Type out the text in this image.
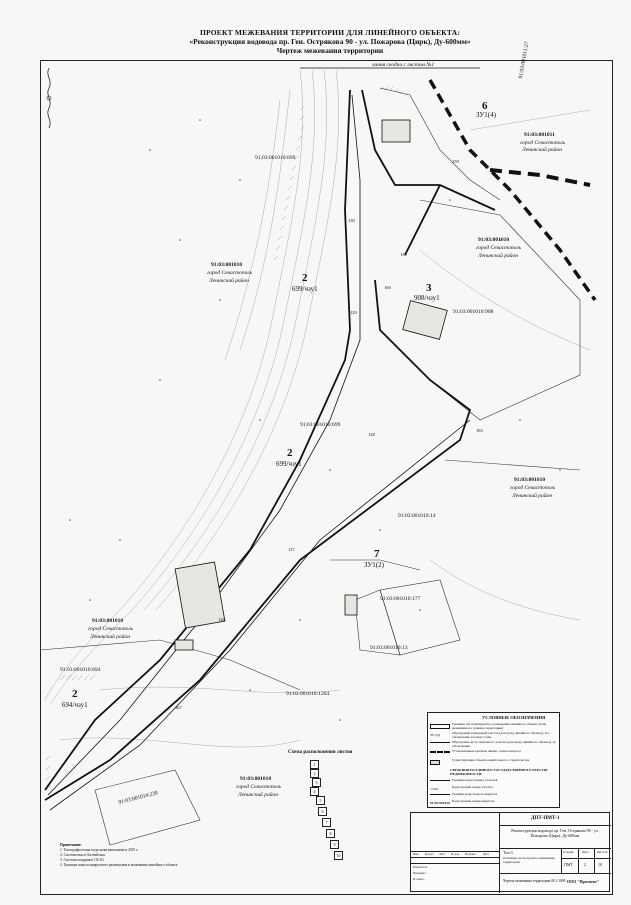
ПРОЕКТ МЕЖЕВАНИЯ ТЕРРИТОРИИ ДЛЯ ЛИНЕЙНОГО ОБЪЕКТА:
«Реконструкция водовода пр. Ген. Острякова 90 - ул. Пожарова (Цирк), Ду-600мм»
Чертеж межевания территории
линия сводки с листом №1	91:03:001011:27
6
ЗУ1(4)
91:03:001011
город Севастополь
Ленинский район
91:03:001010:699
130
259
91:03:001010
город Севастополь
Ленинский район
91:03:001010
город Севастополь
Ленинский район	2
699/чзу1	160
139
3
908/чзу1
91:03:001010:908
129
91:03:001010:699
128
183
2
699/чзу1
91:03:001010
город Севастополь
Ленинский район
91:03:001010:14
137	7
ЗУ1(2)
91:03:001010:177
126
91:03:001010
город Севастополь
Ленинский район
91:03:001010:13
91:03:001010:694
91:03:001010:1264
2
694/чзу1	167
91:03:001010
город Севастополь
Ленинский район
91:03:001010:238
Схема расположения листов
1
2
3
4
5
6
7
8
9
10
УСЛОВНЫЕ ОБОЗНАЧЕНИЯ
Границы зон планируемого размещения линейного объекта (зона межевания по границе территории)
ЗУ1(4)	Образуемый земельный участок (для нужд линейного объекта), его обозначение и номер точки
Образуемая часть земельного участка (для нужд линейного объекта), ее обозначение
Установленные красные линии, точки поворота
Существующие объекты капитального строительства
СВЕДЕНИЯ ИЗ ЕДИНОГО ГОСУДАРСТВЕННОГО РЕЕСТРА НЕДВИЖИМОСТИ:
Границы кадастровых участков
:1618	Кадастровый номер участка
Граница кадастрового квартала
91:03:001010 Кадастровый номер квартала
Примечание:
1. Топографическая подоснова выполнена в 2019 г.
2. Система высот Балтийская.
3. Система координат СК-63.
4. Границы зоны планируемого размещения и межевания линейного объекта
ДПТ-ПМТ-1
Реконструкция водовода пр. Ген. Острякова 90 - ул. Пожарова (Цирк), Ду-600мм
Том 3
Основная часть проекта межевания территории
Стадия	Лист Листов
ПМТ	2	10
Чертеж межевания территории М 1:1000 ООО "Проспект"
Изм. Кол.уч Лист № док Подпись Дата
Разработал
Проверил
Н. контр.
